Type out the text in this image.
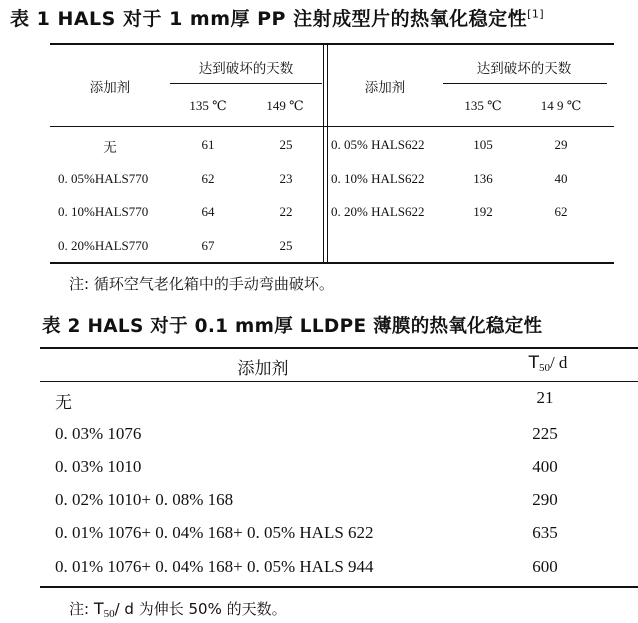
表 1 HALS 对于 1 mm厚 PP 注射成型片的热氧化稳定性[1]
添加剂
达到破坏的天数
135 ℃	149 ℃
添加剂
达到破坏的天数
135 ℃	14 9 ℃
无	61	25
0. 05%HALS770	62	23
0. 10%HALS770	64	22
0. 20%HALS770	67	25
0. 05% HALS622	105	29
0. 10% HALS622	136	40
0. 20% HALS622	192	62
注: 循环空气老化箱中的手动弯曲破坏。
表 2 HALS 对于 0.1 mm厚 LLDPE 薄膜的热氧化稳定性
添加剂	$T_{50}/$ d
无	21
0. 03% 1076	225
0. 03% 1010	400
0. 02% 1010+ 0. 08% 168	290
0. 01% 1076+ 0. 04% 168+ 0. 05% HALS 622	635
0. 01% 1076+ 0. 04% 168+ 0. 05% HALS 944	600
注: $T_{50}/$ d 为伸长 50% 的天数。
